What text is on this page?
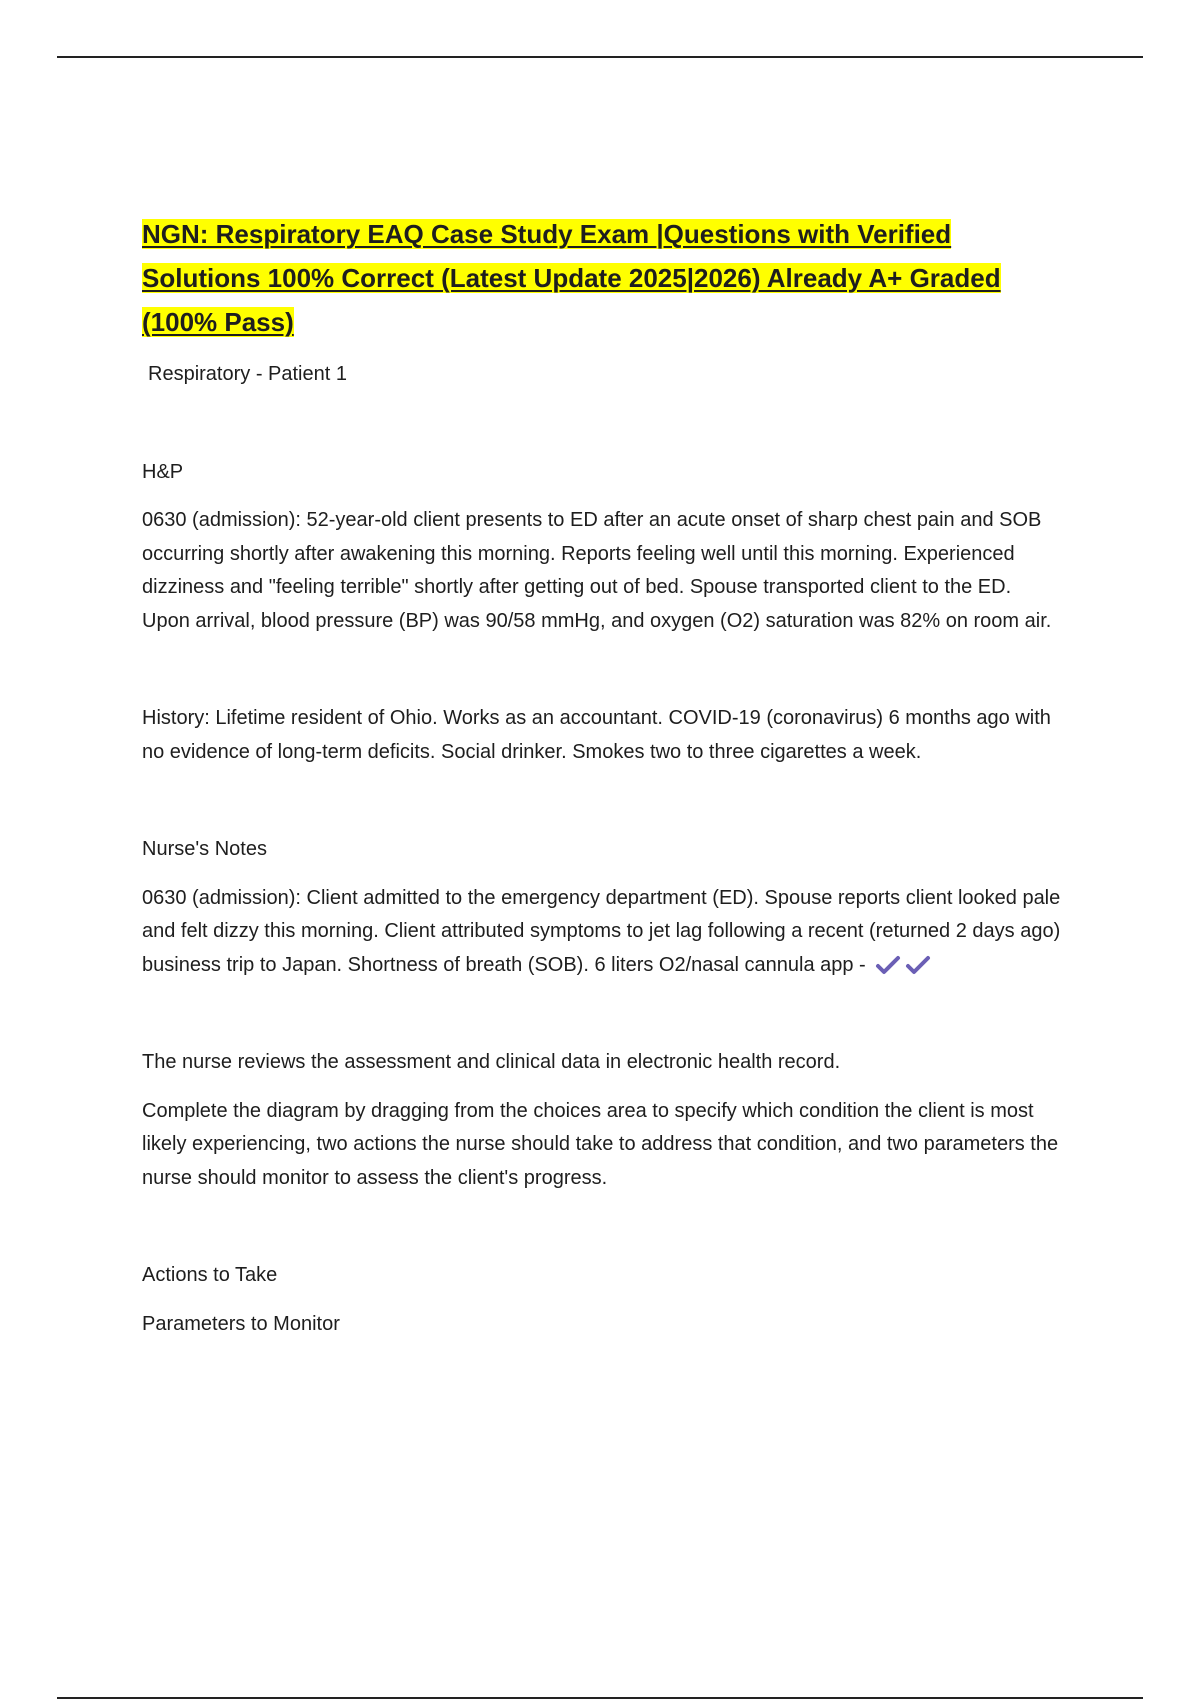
NGN: Respiratory EAQ Case Study Exam |Questions with Verified Solutions 100% Correct (Latest Update 2025|2026) Already A+ Graded (100% Pass)

Respiratory - Patient 1

H&P

0630 (admission): 52-year-old client presents to ED after an acute onset of sharp chest pain and SOB occurring shortly after awakening this morning. Reports feeling well until this morning. Experienced dizziness and "feeling terrible" shortly after getting out of bed. Spouse transported client to the ED. Upon arrival, blood pressure (BP) was 90/58 mmHg, and oxygen (O2) saturation was 82% on room air.

History: Lifetime resident of Ohio. Works as an accountant. COVID-19 (coronavirus) 6 months ago with no evidence of long-term deficits. Social drinker. Smokes two to three cigarettes a week.

Nurse's Notes

0630 (admission): Client admitted to the emergency department (ED). Spouse reports client looked pale and felt dizzy this morning. Client attributed symptoms to jet lag following a recent (returned 2 days ago) business trip to Japan. Shortness of breath (SOB). 6 liters O2/nasal cannula app -

The nurse reviews the assessment and clinical data in electronic health record.

Complete the diagram by dragging from the choices area to specify which condition the client is most likely experiencing, two actions the nurse should take to address that condition, and two parameters the nurse should monitor to assess the client's progress.

Actions to Take

Parameters to Monitor
